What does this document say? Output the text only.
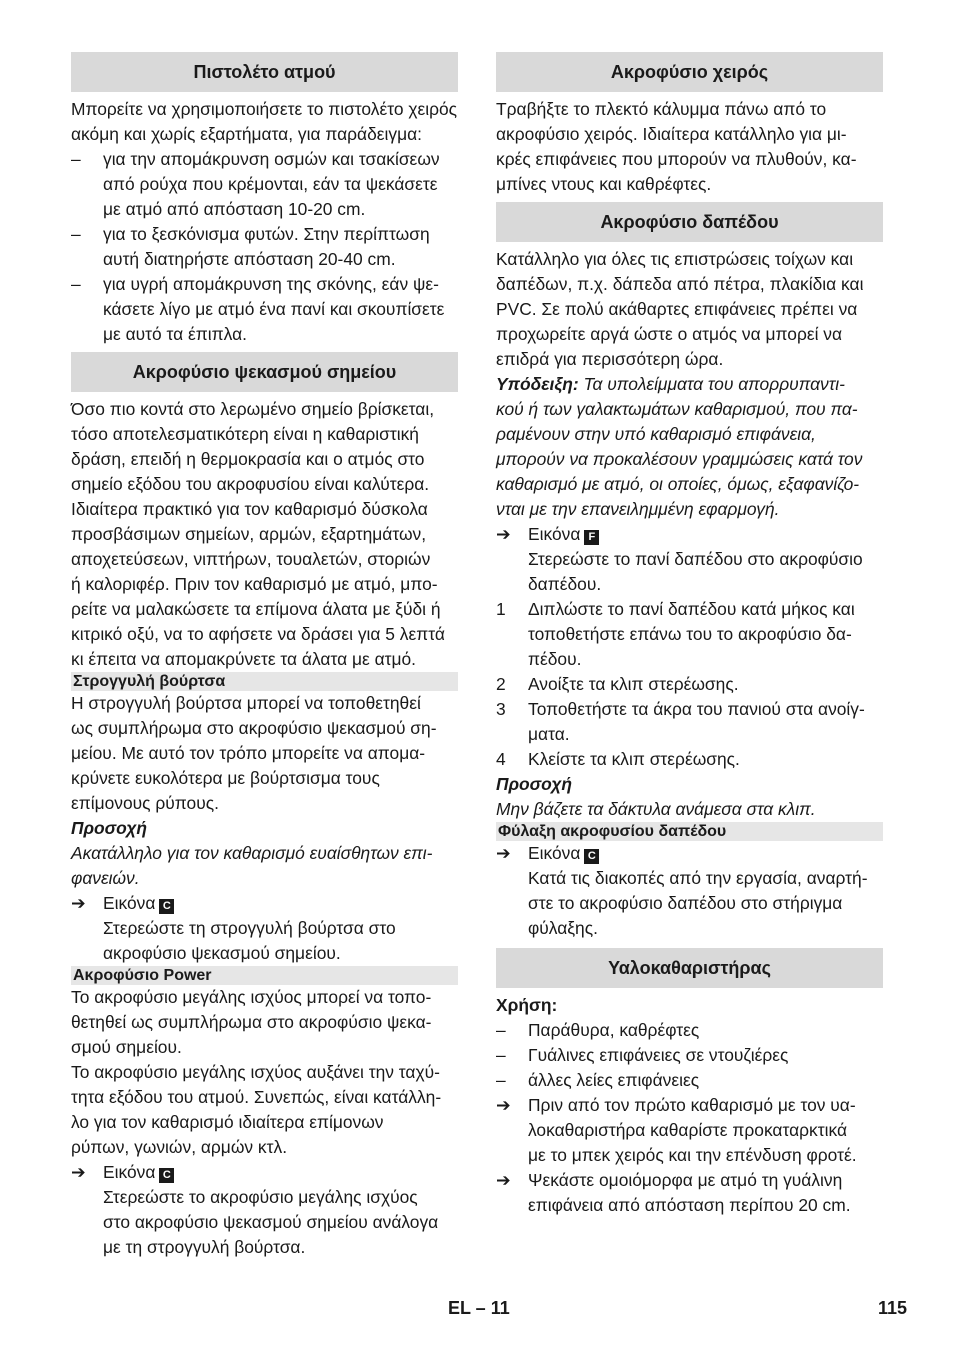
Πιστολέτο ατμού

Μπορείτε να χρησιμοποιήσετε το πιστολέτο χειρός

ακόμη και χωρίς εξαρτήματα, για παράδειγμα:

–	για την απομάκρυνση οσμών και τσακίσεων
από ρούχα που κρέμονται, εάν τα ψεκάσετε
με ατμό από απόσταση 10-20 cm.
–	για το ξεσκόνισμα φυτών. Στην περίπτωση
αυτή διατηρήστε απόσταση 20-40 cm.
–	για υγρή απομάκρυνση της σκόνης, εάν ψε-
κάσετε λίγο με ατμό ένα πανί και σκουπίσετε
με αυτό τα έπιπλα.
Ακροφύσιο ψεκασμού σημείου

Όσο πιο κοντά στο λερωμένο σημείο βρίσκεται,

τόσο αποτελεσματικότερη είναι η καθαριστική

δράση, επειδή η θερμοκρασία και ο ατμός στο

σημείο εξόδου του ακροφυσίου είναι καλύτερα.

Ιδιαίτερα πρακτικό για τον καθαρισμό δύσκολα

προσβάσιμων σημείων, αρμών, εξαρτημάτων,

αποχετεύσεων, νιπτήρων, τουαλετών, στοριών

ή καλοριφέρ. Πριν τον καθαρισμό με ατμό, μπο-

ρείτε να μαλακώσετε τα επίμονα άλατα με ξύδι ή

κιτρικό οξύ, να το αφήσετε να δράσει για 5 λεπτά

κι έπειτα να απομακρύνετε τα άλατα με ατμό.

Στρογγυλή βούρτσα

Η στρογγυλή βούρτσα μπορεί να τοποθετηθεί

ως συμπλήρωμα στο ακροφύσιο ψεκασμού ση-

μείου. Με αυτό τον τρόπο μπορείτε να απομα-

κρύνετε ευκολότερα με βούρτσισμα τους

επίμονους ρύπους.

Προσοχή

Ακατάλληλο για τον καθαρισμό ευαίσθητων επι-

φανειών.

➔	Εικόνα C
Στερεώστε τη στρογγυλή βούρτσα στο
ακροφύσιο ψεκασμού σημείου.
Ακροφύσιο Power

Το ακροφύσιο μεγάλης ισχύος μπορεί να τοπο-

θετηθεί ως συμπλήρωμα στο ακροφύσιο ψεκα-

σμού σημείου.

Το ακροφύσιο μεγάλης ισχύος αυξάνει την ταχύ-

τητα εξόδου του ατμού. Συνεπώς, είναι κατάλλη-

λο για τον καθαρισμό ιδιαίτερα επίμονων

ρύπων, γωνιών, αρμών κτλ.

➔	Εικόνα C
Στερεώστε το ακροφύσιο μεγάλης ισχύος
στο ακροφύσιο ψεκασμού σημείου ανάλογα
με τη στρογγυλή βούρτσα.
Ακροφύσιο χειρός

Τραβήξτε το πλεκτό κάλυμμα πάνω από το

ακροφύσιο χειρός. Ιδιαίτερα κατάλληλο για μι-

κρές επιφάνειες που μπορούν να πλυθούν, κα-

μπίνες ντους και καθρέφτες.

Ακροφύσιο δαπέδου

Κατάλληλο για όλες τις επιστρώσεις τοίχων και

δαπέδων, π.χ. δάπεδα από πέτρα, πλακίδια και

PVC. Σε πολύ ακάθαρτες επιφάνειες πρέπει να

προχωρείτε αργά ώστε ο ατμός να μπορεί να

επιδρά για περισσότερη ώρα.

Υπόδειξη: Τα υπολείμματα του απορρυπαντι-

κού ή των γαλακτωμάτων καθαρισμού, που πα-

ραμένουν στην υπό καθαρισμό επιφάνεια,

μπορούν να προκαλέσουν γραμμώσεις κατά τον

καθαρισμό με ατμό, οι οποίες, όμως, εξαφανίζο-

νται με την επανειλημμένη εφαρμογή.

➔	Εικόνα F
Στερεώστε το πανί δαπέδου στο ακροφύσιο
δαπέδου.
1	Διπλώστε το πανί δαπέδου κατά μήκος και
τοποθετήστε επάνω του το ακροφύσιο δα-
πέδου.
2	Ανοίξτε τα κλιπ στερέωσης.
3	Τοποθετήστε τα άκρα του πανιού στα ανοίγ-
ματα.
4	Κλείστε τα κλιπ στερέωσης.

Προσοχή

Μην βάζετε τα δάκτυλα ανάμεσα στα κλιπ.

Φύλαξη ακροφυσίου δαπέδου
➔	Εικόνα C
Κατά τις διακοπές από την εργασία, αναρτή-
στε το ακροφύσιο δαπέδου στο στήριγμα
φύλαξης.
Υαλοκαθαριστήρας

Χρήση:

–	Παράθυρα, καθρέφτες
–	Γυάλινες επιφάνειες σε ντουζιέρες
–	άλλες λείες επιφάνειες
➔	Πριν από τον πρώτο καθαρισμό με τον υα-
λοκαθαριστήρα καθαρίστε προκαταρκτικά
με το μπεκ χειρός και την επένδυση φροτέ.
➔	Ψεκάστε ομοιόμορφα με ατμό τη γυάλινη
επιφάνεια από απόσταση περίπου 20 cm.
EL – 11	115
